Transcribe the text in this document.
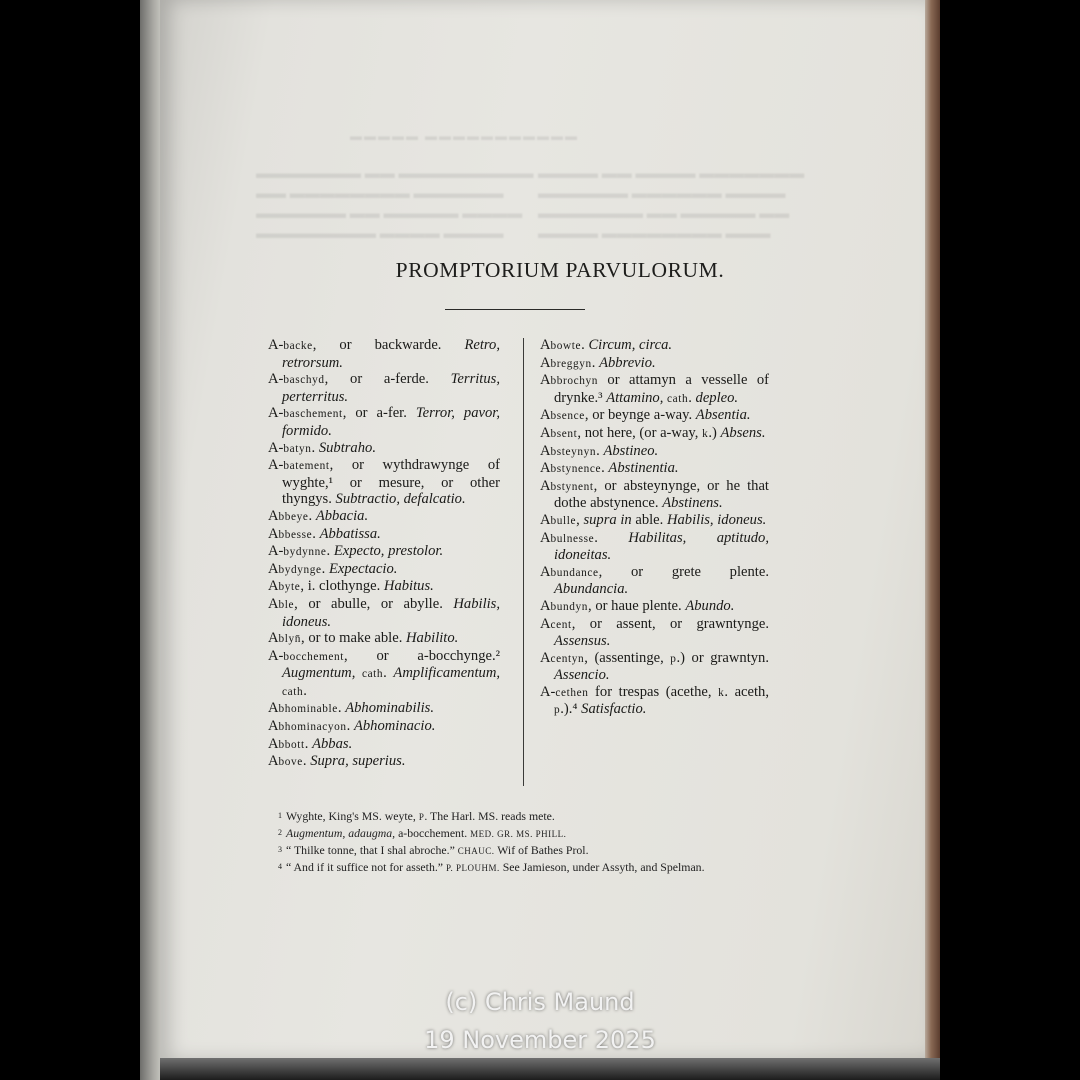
▬▬▬▬▬ ▬▬▬▬▬▬▬▬▬▬▬
▬▬▬▬▬▬▬ ▬▬ ▬▬▬▬▬▬▬▬▬
▬▬ ▬▬▬▬▬▬▬▬ ▬▬▬▬▬▬
▬▬▬▬▬▬ ▬▬ ▬▬▬▬▬ ▬▬▬▬
▬▬▬▬▬▬▬▬ ▬▬▬▬ ▬▬▬▬
▬▬▬▬ ▬▬ ▬▬▬▬ ▬▬▬▬▬▬▬
▬▬▬▬▬▬ ▬▬▬▬▬▬ ▬▬▬▬
▬▬▬▬▬▬▬ ▬▬ ▬▬▬▬▬ ▬▬
▬▬▬▬ ▬▬▬▬▬▬▬▬ ▬▬▬
PROMPTORIUM PARVULORUM.

A-backe, or backwarde. Retro, retrorsum.

A-baschyd, or a-ferde. Territus, perterritus.

A-baschement, or a-fer. Terror, pavor, formido.

A-batyn. Subtraho.

A-batement, or wythdrawynge of wyghte,¹ or mesure, or other thyngys. Subtractio, defalcatio.

Abbeye. Abbacia.

Abbesse. Abbatissa.

A-bydynne. Expecto, prestolor.

Abydynge. Expectacio.

Abyte, i. clothynge. Habitus.

Able, or abulle, or abylle. Habilis, idoneus.

Ablyn̄, or to make able. Habilito.

A-bocchement, or a-bocchynge.² Augmentum, cath. Amplificamentum, cath.

Abhominable. Abhominabilis.

Abhominacyon. Abhominacio.

Abbott. Abbas.

Above. Supra, superius.

Abowte. Circum, circa.

Abreggyn. Abbrevio.

Abbrochyn or attamyn a vesselle of drynke.³ Attamino, cath. depleo.

Absence, or beynge a-way. Absentia.

Absent, not here, (or a-way, k.) Absens.

Absteynyn. Abstineo.

Abstynence. Abstinentia.

Abstynent, or absteynynge, or he that dothe abstynence. Abstinens.

Abulle, supra in able. Habilis, idoneus.

Abulnesse. Habilitas, aptitudo, idoneitas.

Abundance, or grete plente. Abundancia.

Abundyn, or haue plente. Abundo.

Acent, or assent, or grawntynge. Assensus.

Acentyn, (assentinge, p.) or grawntyn. Assencio.

A-cethen for trespas (acethe, k. aceth, p.).⁴ Satisfactio.

1 Wyghte, King's MS. weyte, P. The Harl. MS. reads mete.

2 Augmentum, adaugma, a-bocchement. MED. GR. MS. PHILL.

3 “ Thilke tonne, that I shal abroche.” CHAUC. Wif of Bathes Prol.

4 “ And if it suffice not for asseth.” P. PLOUHM. See Jamieson, under Assyth, and Spelman.

(c) Chris Maund
19 November 2025
